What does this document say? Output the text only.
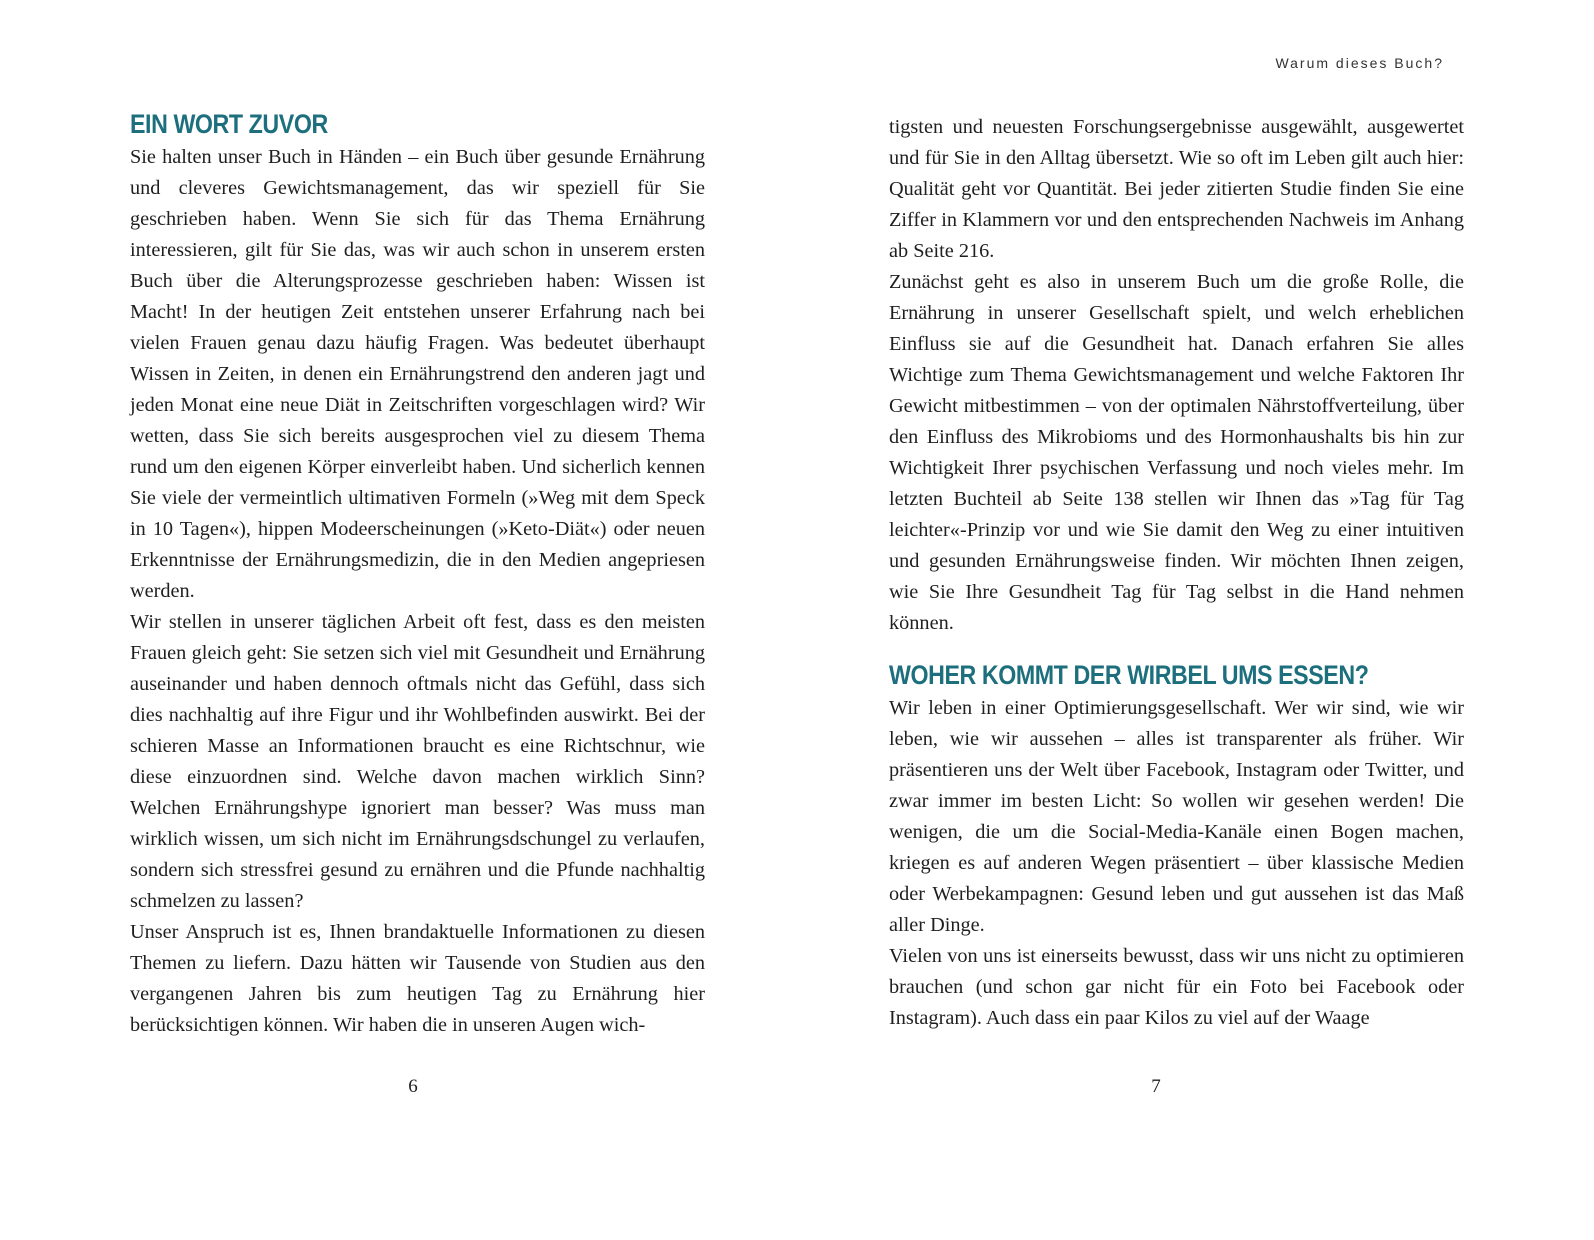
EIN WORT ZUVOR

Sie halten unser Buch in Händen – ein Buch über gesunde Ernährung und cleveres Gewichtsmanagement, das wir speziell für Sie geschrieben haben. Wenn Sie sich für das Thema Ernährung interessieren, gilt für Sie das, was wir auch schon in unserem ersten Buch über die Alterungsprozesse geschrieben haben: Wissen ist Macht! In der heutigen Zeit entstehen unserer Erfahrung nach bei vielen Frauen genau dazu häufig Fragen. Was bedeutet überhaupt Wissen in Zeiten, in denen ein Ernährungstrend den anderen jagt und jeden Monat eine neue Diät in Zeitschriften vorgeschlagen wird? Wir wetten, dass Sie sich bereits ausgesprochen viel zu diesem Thema rund um den eigenen Körper einverleibt haben. Und sicherlich kennen Sie viele der vermeintlich ultimativen Formeln (»Weg mit dem Speck in 10 Tagen«), hippen Modeerscheinungen (»Keto-Diät«) oder neuen Erkenntnisse der Ernährungsmedizin, die in den Medien angepriesen werden.

Wir stellen in unserer täglichen Arbeit oft fest, dass es den meisten Frauen gleich geht: Sie setzen sich viel mit Gesundheit und Ernährung auseinander und haben dennoch oftmals nicht das Gefühl, dass sich dies nachhaltig auf ihre Figur und ihr Wohlbefinden auswirkt. Bei der schieren Masse an Informationen braucht es eine Richtschnur, wie diese einzuordnen sind. Welche davon machen wirklich Sinn? Welchen Ernährungshype ignoriert man besser? Was muss man wirklich wissen, um sich nicht im Ernährungsdschungel zu verlaufen, sondern sich stressfrei gesund zu ernähren und die Pfunde nachhaltig schmelzen zu lassen?

Unser Anspruch ist es, Ihnen brandaktuelle Informationen zu diesen Themen zu liefern. Dazu hätten wir Tausende von Studien aus den vergangenen Jahren bis zum heutigen Tag zu Ernährung hier berücksichtigen können. Wir haben die in unseren Augen wich-

6
Warum dieses Buch?

tigsten und neuesten Forschungsergebnisse ausgewählt, ausgewertet und für Sie in den Alltag übersetzt. Wie so oft im Leben gilt auch hier: Qualität geht vor Quantität. Bei jeder zitierten Studie finden Sie eine Ziffer in Klammern vor und den entsprechenden Nachweis im Anhang ab Seite 216.

Zunächst geht es also in unserem Buch um die große Rolle, die Ernährung in unserer Gesellschaft spielt, und welch erheblichen Einfluss sie auf die Gesundheit hat. Danach erfahren Sie alles Wichtige zum Thema Gewichtsmanagement und welche Faktoren Ihr Gewicht mitbestimmen – von der optimalen Nährstoffverteilung, über den Einfluss des Mikrobioms und des Hormonhaushalts bis hin zur Wichtigkeit Ihrer psychischen Verfassung und noch vieles mehr. Im letzten Buchteil ab Seite 138 stellen wir Ihnen das »Tag für Tag leichter«-Prinzip vor und wie Sie damit den Weg zu einer intuitiven und gesunden Ernährungsweise finden. Wir möchten Ihnen zeigen, wie Sie Ihre Gesundheit Tag für Tag selbst in die Hand nehmen können.

WOHER KOMMT DER WIRBEL UMS ESSEN?

Wir leben in einer Optimierungsgesellschaft. Wer wir sind, wie wir leben, wie wir aussehen – alles ist transparenter als früher. Wir präsentieren uns der Welt über Facebook, Instagram oder Twitter, und zwar immer im besten Licht: So wollen wir gesehen werden! Die wenigen, die um die Social-Media-Kanäle einen Bogen machen, kriegen es auf anderen Wegen präsentiert – über klassische Medien oder Werbekampagnen: Gesund leben und gut aussehen ist das Maß aller Dinge.

Vielen von uns ist einerseits bewusst, dass wir uns nicht zu optimieren brauchen (und schon gar nicht für ein Foto bei Facebook oder Instagram). Auch dass ein paar Kilos zu viel auf der Waage

7
